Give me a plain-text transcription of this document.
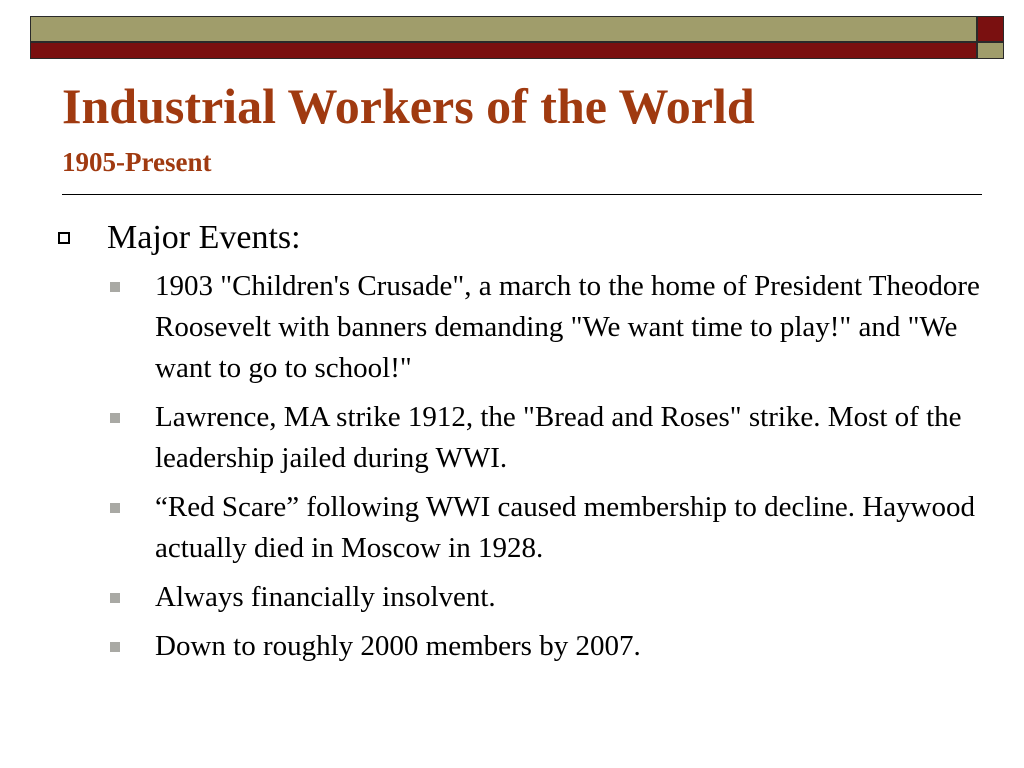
Industrial Workers of the World
1905-Present
Major Events:
1903 "Children's Crusade", a march to the home of President Theodore Roosevelt with banners demanding "We want time to play!" and "We want to go to school!"
Lawrence, MA strike 1912, the "Bread and Roses" strike. Most of the leadership jailed during WWI.
“Red Scare” following WWI caused membership to decline. Haywood actually died in Moscow in 1928.
Always financially insolvent.
Down to roughly 2000 members by 2007.
